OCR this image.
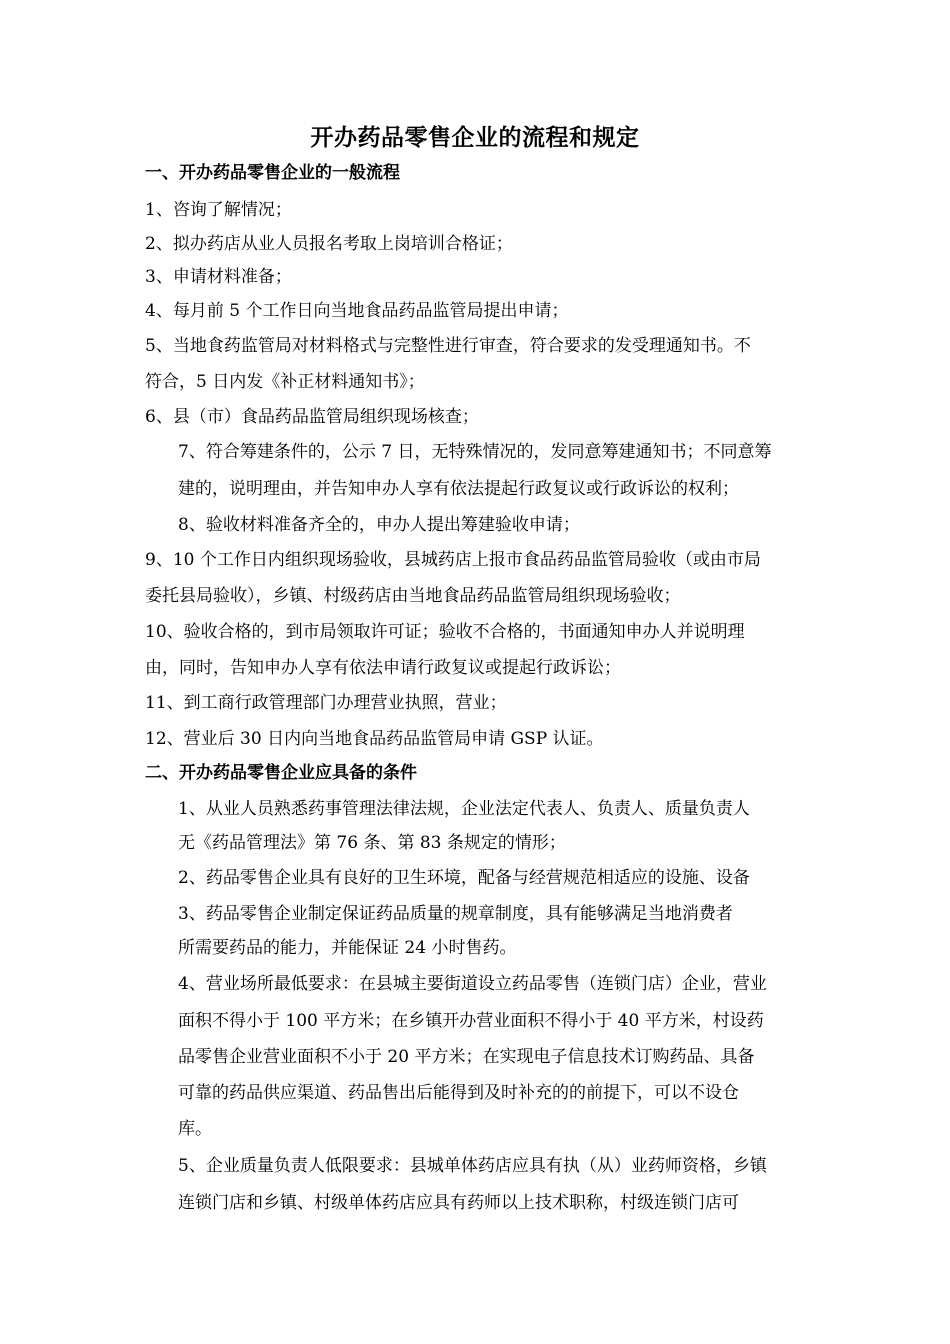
开办药品零售企业的流程和规定
一、开办药品零售企业的一般流程
1、咨询了解情况；
2、拟办药店从业人员报名考取上岗培训合格证；
3、申请材料准备；
4、每月前 5 个工作日向当地食品药品监管局提出申请；
5、当地食药监管局对材料格式与完整性进行审查，符合要求的发受理通知书。不
符合，5 日内发《补正材料通知书》；
6、县（市）食品药品监管局组织现场核查；
7、符合筹建条件的，公示 7 日，无特殊情况的，发同意筹建通知书；不同意筹
建的，说明理由，并告知申办人享有依法提起行政复议或行政诉讼的权利；
8、验收材料准备齐全的，申办人提出筹建验收申请；
9、10 个工作日内组织现场验收，县城药店上报市食品药品监管局验收（或由市局
委托县局验收），乡镇、村级药店由当地食品药品监管局组织现场验收；
10、验收合格的，到市局领取许可证；验收不合格的，书面通知申办人并说明理
由，同时，告知申办人享有依法申请行政复议或提起行政诉讼；
11、到工商行政管理部门办理营业执照，营业；
12、营业后 30 日内向当地食品药品监管局申请 GSP 认证。
二、开办药品零售企业应具备的条件
1、从业人员熟悉药事管理法律法规，企业法定代表人、负责人、质量负责人
无《药品管理法》第 76 条、第 83 条规定的情形；
2、药品零售企业具有良好的卫生环境，配备与经营规范相适应的设施、设备
3、药品零售企业制定保证药品质量的规章制度，具有能够满足当地消费者
所需要药品的能力，并能保证 24 小时售药。
4、营业场所最低要求：在县城主要街道设立药品零售（连锁门店）企业，营业
面积不得小于 100 平方米；在乡镇开办营业面积不得小于 40 平方米，村设药
品零售企业营业面积不小于 20 平方米；在实现电子信息技术订购药品、具备
可靠的药品供应渠道、药品售出后能得到及时补充的的前提下，可以不设仓
库。
5、企业质量负责人低限要求：县城单体药店应具有执（从）业药师资格，乡镇
连锁门店和乡镇、村级单体药店应具有药师以上技术职称，村级连锁门店可
